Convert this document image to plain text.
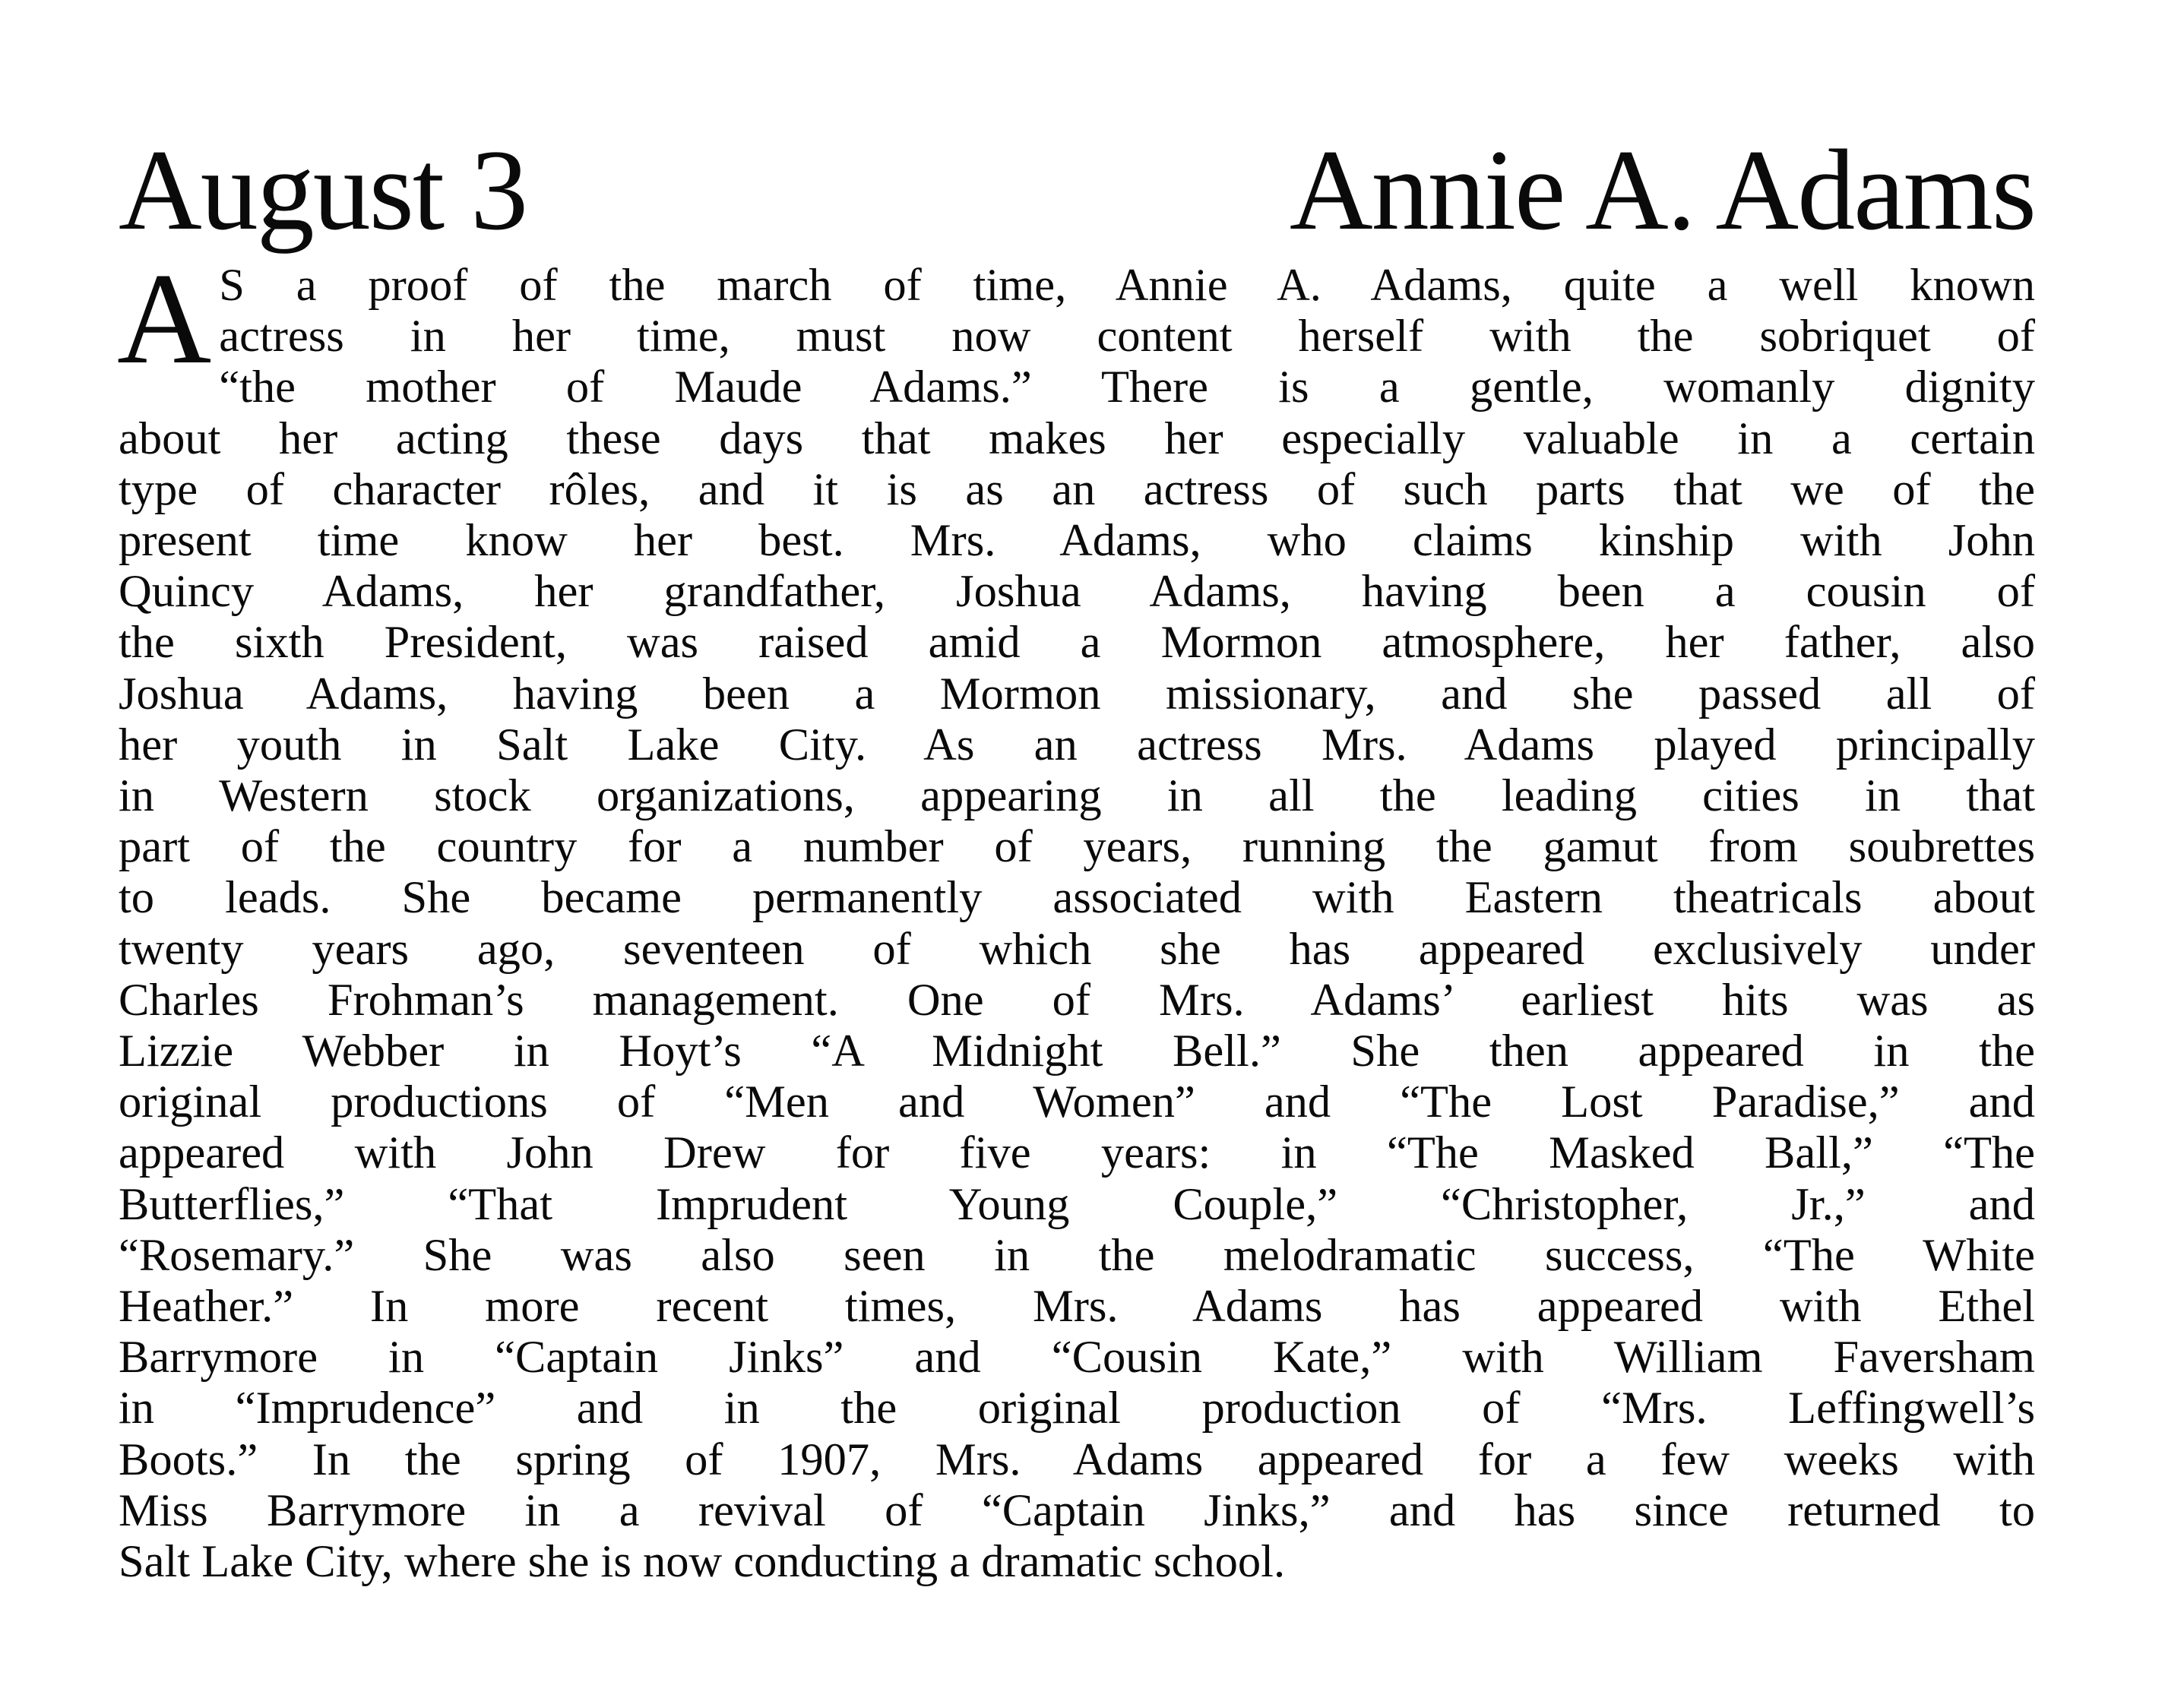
August 3	Annie A. Adams
A S a proof of the march of time, Annie A. Adams, quite a well known
actress in her time, must now content herself with the sobriquet of
“the mother of Maude Adams.” There is a gentle, womanly dignity
about her acting these days that makes her especially valuable in a certain
type of character rôles, and it is as an actress of such parts that we of the
present time know her best. Mrs. Adams, who claims kinship with John
Quincy Adams, her grandfather, Joshua Adams, having been a cousin of
the sixth President, was raised amid a Mormon atmosphere, her father, also
Joshua Adams, having been a Mormon missionary, and she passed all of
her youth in Salt Lake City. As an actress Mrs. Adams played principally
in Western stock organizations, appearing in all the leading cities in that
part of the country for a number of years, running the gamut from soubrettes
to leads. She became permanently associated with Eastern theatricals about
twenty years ago, seventeen of which she has appeared exclusively under
Charles Frohman’s management. One of Mrs. Adams’ earliest hits was as
Lizzie Webber in Hoyt’s “A Midnight Bell.” She then appeared in the
original productions of “Men and Women” and “The Lost Paradise,” and
appeared with John Drew for five years: in “The Masked Ball,” “The
Butterflies,” “That Imprudent Young Couple,” “Christopher, Jr.,” and
“Rosemary.” She was also seen in the melodramatic success, “The White
Heather.” In more recent times, Mrs. Adams has appeared with Ethel
Barrymore in “Captain Jinks” and “Cousin Kate,” with William Faversham
in “Imprudence” and in the original production of “Mrs. Leffingwell’s
Boots.” In the spring of 1907, Mrs. Adams appeared for a few weeks with
Miss Barrymore in a revival of “Captain Jinks,” and has since returned to
Salt Lake City, where she is now conducting a dramatic school.
